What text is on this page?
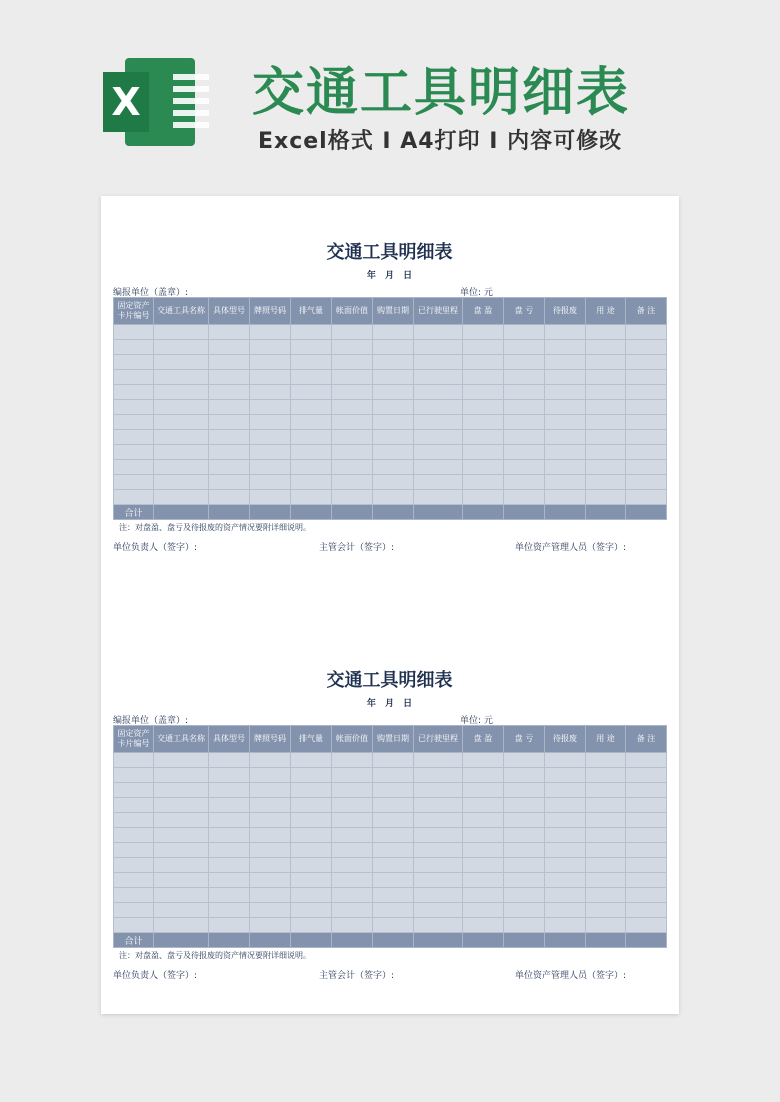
X 交通工具明细表
Excel格式 I A4打印 I 内容可修改
交通工具明细表
年 月 日
编报单位（盖章）:	单位: 元
固定资产
卡片编号	交通工具名称	具体型号	牌照号码	排气量	帐面价值	购置日期	已行驶里程	盘 盈	盘 亏	待报废	用 途	备 注

合计												
注：对盘盈、盘亏及待报废的资产情况要附详细说明。
单位负责人（签字）:	主管会计（签字）:	单位资产管理人员（签字）:
交通工具明细表
年 月 日
编报单位（盖章）:	单位: 元
固定资产
卡片编号	交通工具名称	具体型号	牌照号码	排气量	帐面价值	购置日期	已行驶里程	盘 盈	盘 亏	待报废	用 途	备 注

合计												
注：对盘盈、盘亏及待报废的资产情况要附详细说明。
单位负责人（签字）:	主管会计（签字）:	单位资产管理人员（签字）:
